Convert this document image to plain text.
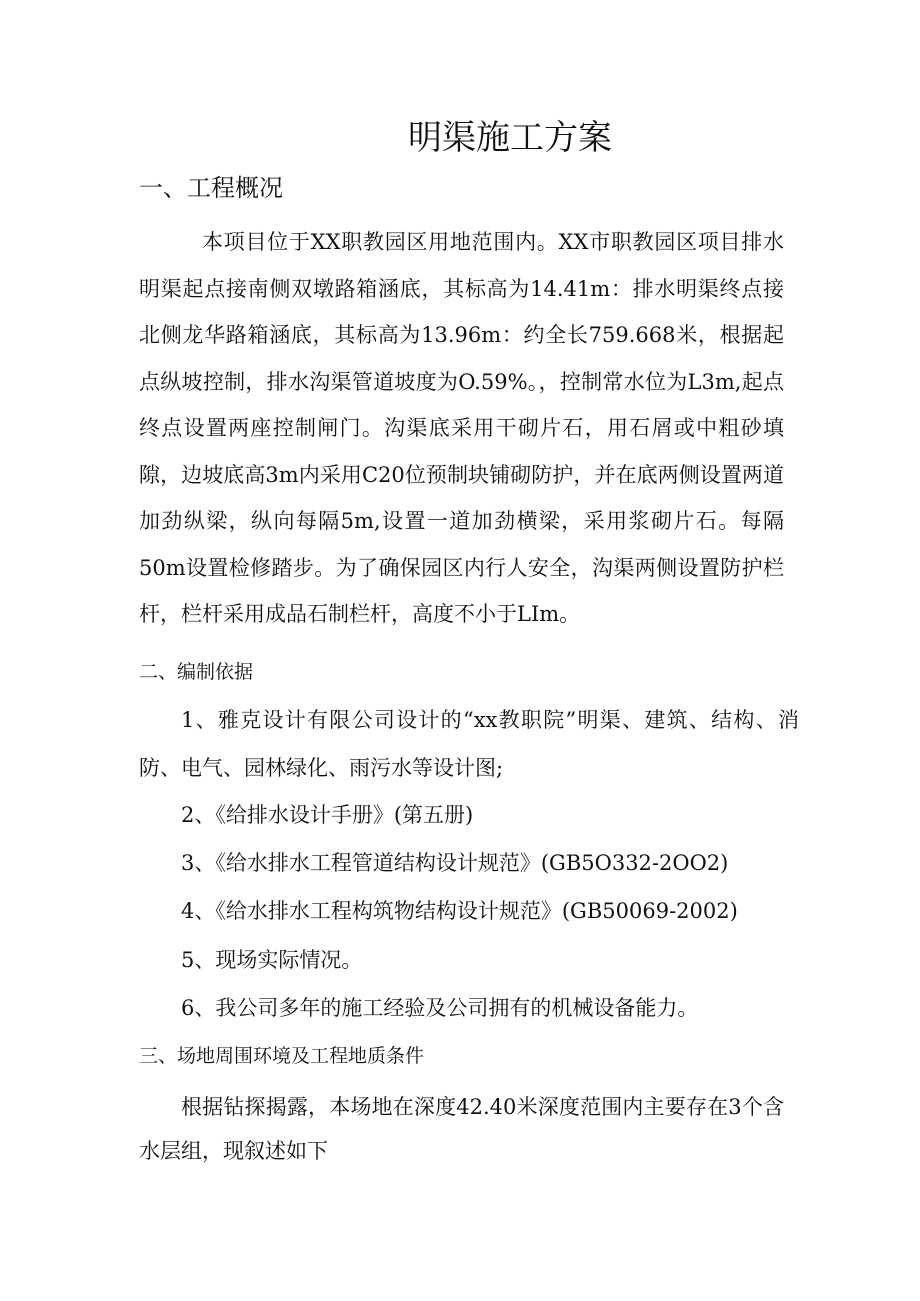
明渠施工方案
一、工程概况

本项目位于XX职教园区用地范围内。XX市职教园区项目排水明渠起点接南侧双墩路箱涵底，其标高为14.41m：排水明渠终点接北侧龙华路箱涵底，其标高为13.96m：约全长759.668米，根据起点纵坡控制，排水沟渠管道坡度为O.59%。，控制常水位为L3m,起点终点设置两座控制闸门。沟渠底采用干砌片石，用石屑或中粗砂填隙，边坡底高3m内采用C20位预制块铺砌防护，并在底两侧设置两道加劲纵梁，纵向每隔5m,设置一道加劲横梁，采用浆砌片石。每隔50m设置检修踏步。为了确保园区内行人安全，沟渠两侧设置防护栏杆，栏杆采用成品石制栏杆，高度不小于LIm。

二、编制依据

1、雅克设计有限公司设计的“xx教职院”明渠、建筑、结构、消防、电气、园林绿化、雨污水等设计图;

2、《给排水设计手册》(第五册)
3、《给水排水工程管道结构设计规范》(GB5O332-2OO2)
4、《给水排水工程构筑物结构设计规范》(GB50069-2002)
5、现场实际情况。
6、我公司多年的施工经验及公司拥有的机械设备能力。
三、场地周围环境及工程地质条件

根据钻探揭露，本场地在深度42.40米深度范围内主要存在3个含水层组，现叙述如下
